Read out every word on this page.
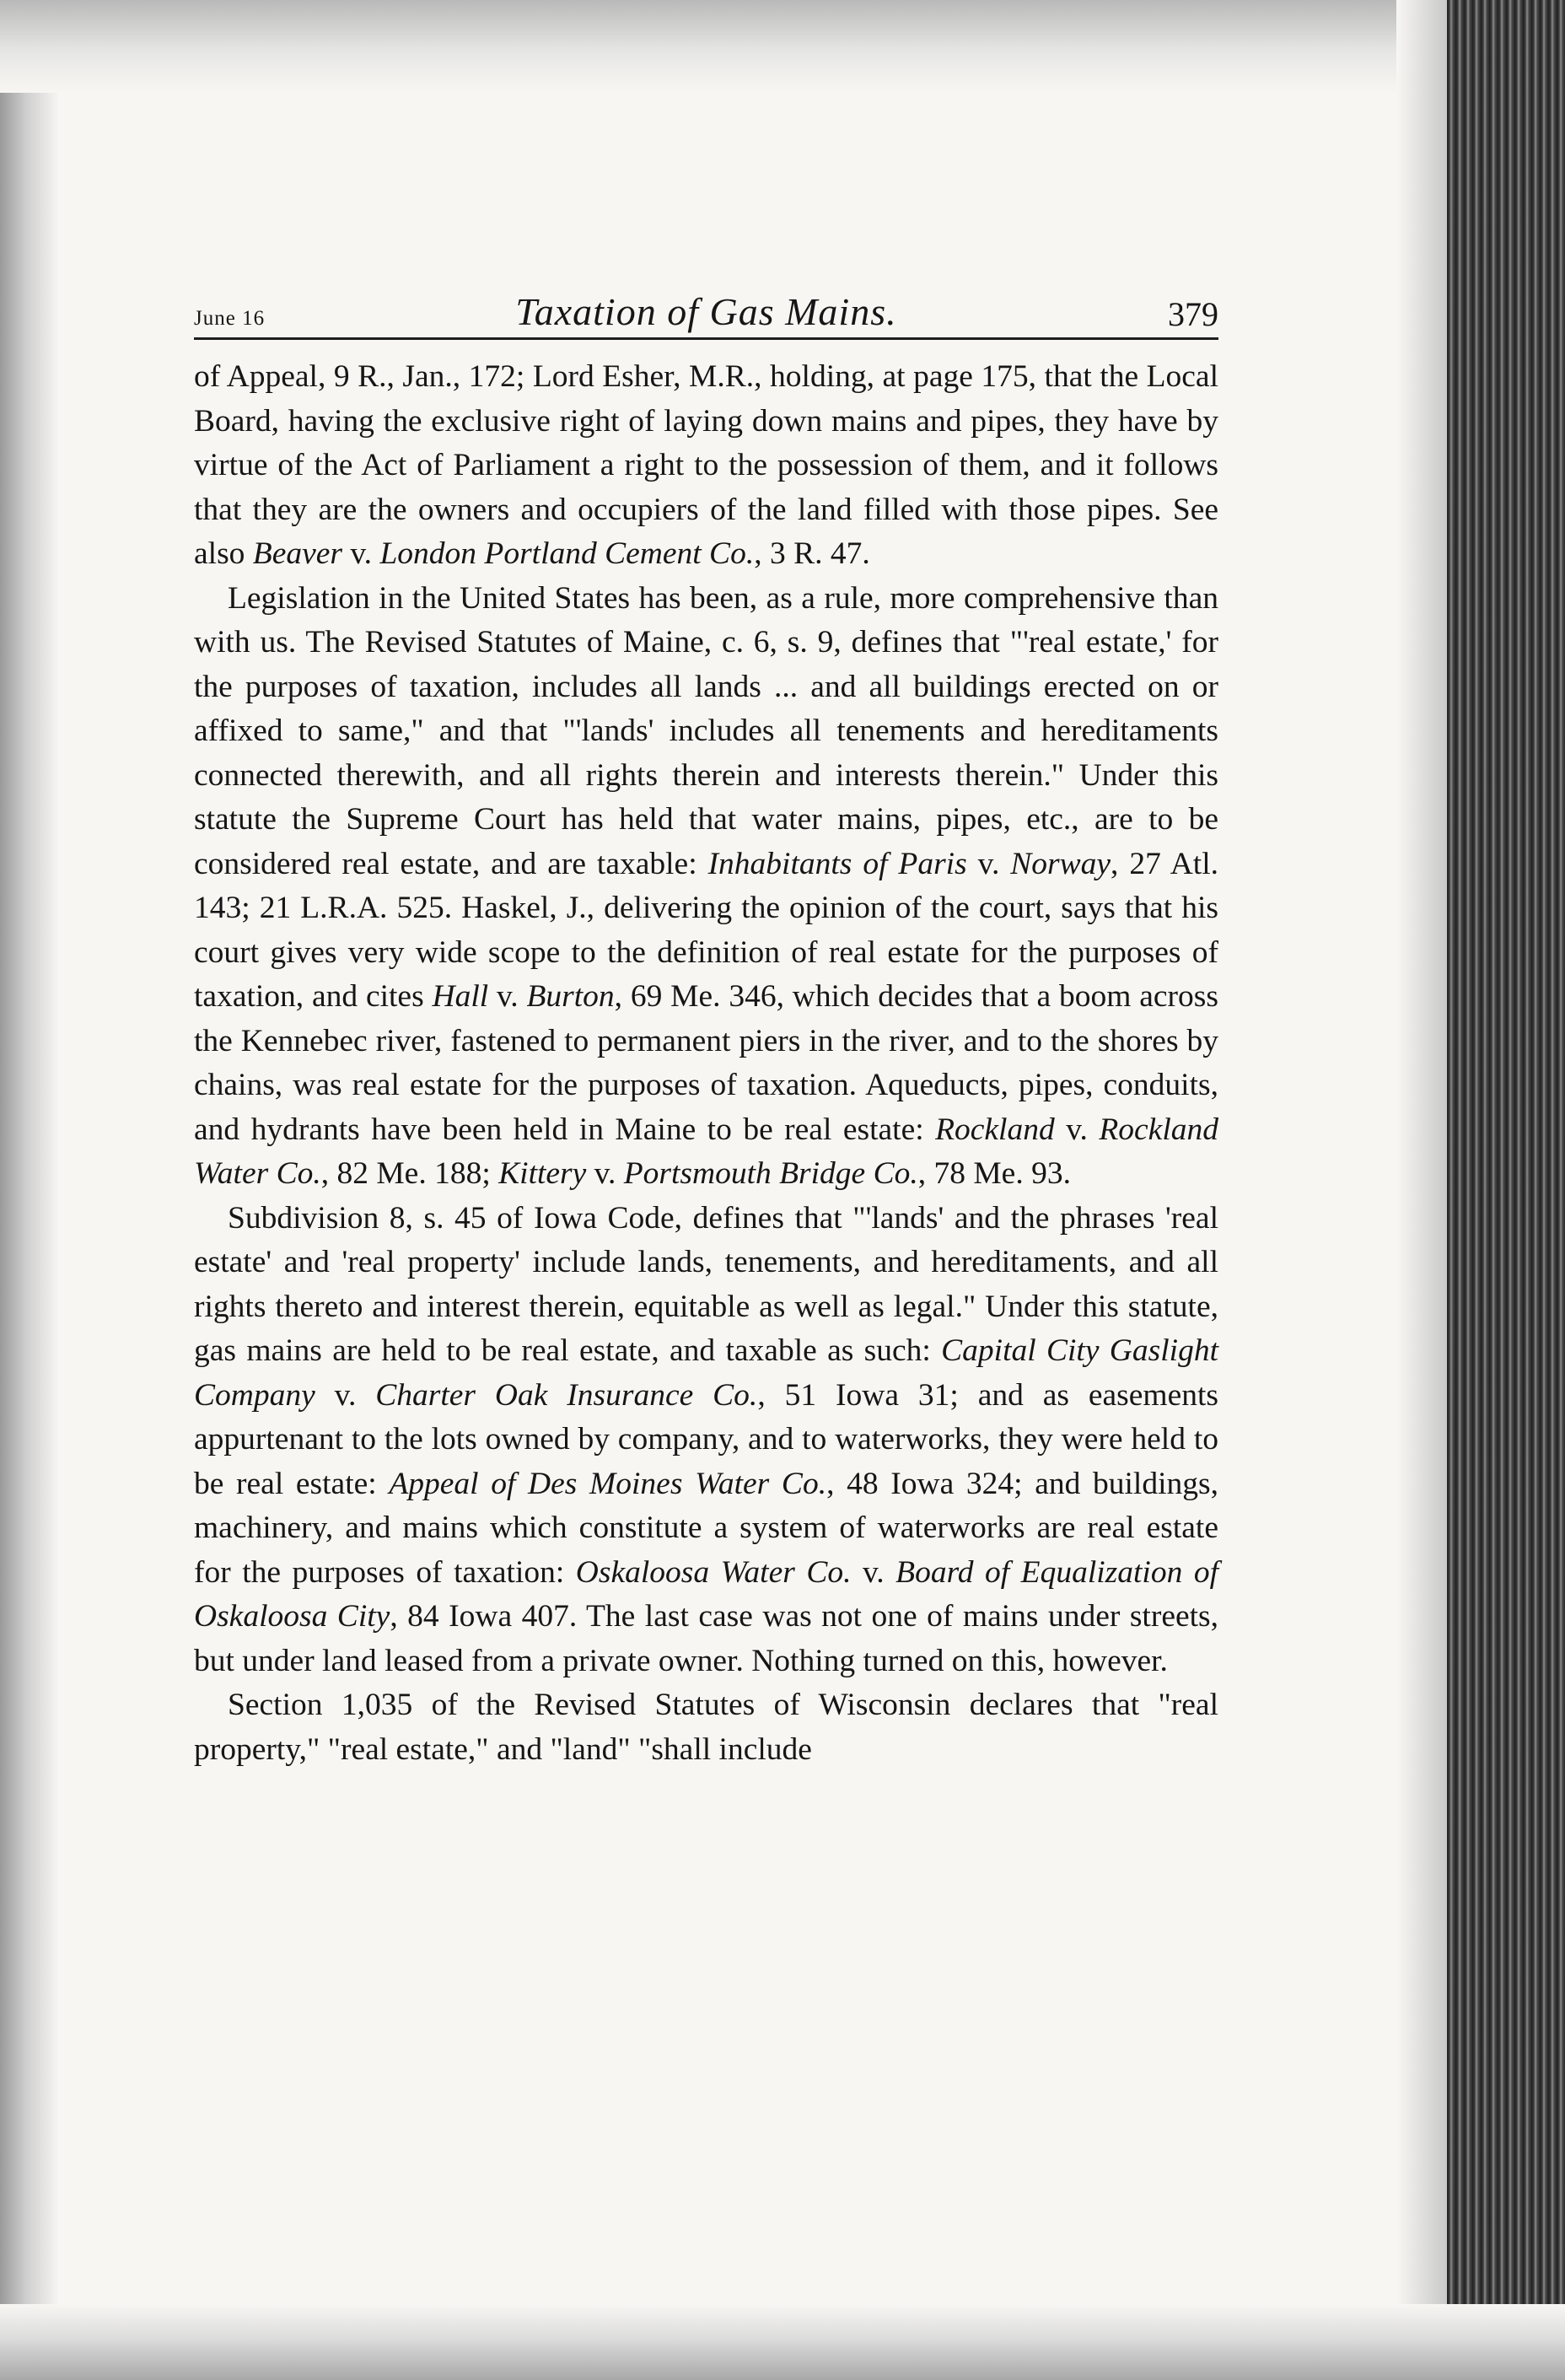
June 16	Taxation of Gas Mains.	379

of Appeal, 9 R., Jan., 172; Lord Esher, M.R., holding, at page 175, that the Local Board, having the exclusive right of laying down mains and pipes, they have by virtue of the Act of Parliament a right to the possession of them, and it follows that they are the owners and occupiers of the land filled with those pipes. See also Beaver v. London Portland Cement Co., 3 R. 47.

Legislation in the United States has been, as a rule, more comprehensive than with us. The Revised Statutes of Maine, c. 6, s. 9, defines that "'real estate,' for the purposes of taxation, includes all lands ... and all buildings erected on or affixed to same," and that "'lands' includes all tenements and hereditaments connected therewith, and all rights therein and interests therein." Under this statute the Supreme Court has held that water mains, pipes, etc., are to be considered real estate, and are taxable: Inhabitants of Paris v. Norway, 27 Atl. 143; 21 L.R.A. 525. Haskel, J., delivering the opinion of the court, says that his court gives very wide scope to the definition of real estate for the purposes of taxation, and cites Hall v. Burton, 69 Me. 346, which decides that a boom across the Kennebec river, fastened to permanent piers in the river, and to the shores by chains, was real estate for the purposes of taxation. Aqueducts, pipes, conduits, and hydrants have been held in Maine to be real estate: Rockland v. Rockland Water Co., 82 Me. 188; Kittery v. Portsmouth Bridge Co., 78 Me. 93.

Subdivision 8, s. 45 of Iowa Code, defines that "'lands' and the phrases 'real estate' and 'real property' include lands, tenements, and hereditaments, and all rights thereto and interest therein, equitable as well as legal." Under this statute, gas mains are held to be real estate, and taxable as such: Capital City Gaslight Company v. Charter Oak Insurance Co., 51 Iowa 31; and as easements appurtenant to the lots owned by company, and to waterworks, they were held to be real estate: Appeal of Des Moines Water Co., 48 Iowa 324; and buildings, machinery, and mains which constitute a system of waterworks are real estate for the purposes of taxation: Oskaloosa Water Co. v. Board of Equalization of Oskaloosa City, 84 Iowa 407. The last case was not one of mains under streets, but under land leased from a private owner. Nothing turned on this, however.

Section 1,035 of the Revised Statutes of Wisconsin declares that "real property," "real estate," and "land" "shall include
